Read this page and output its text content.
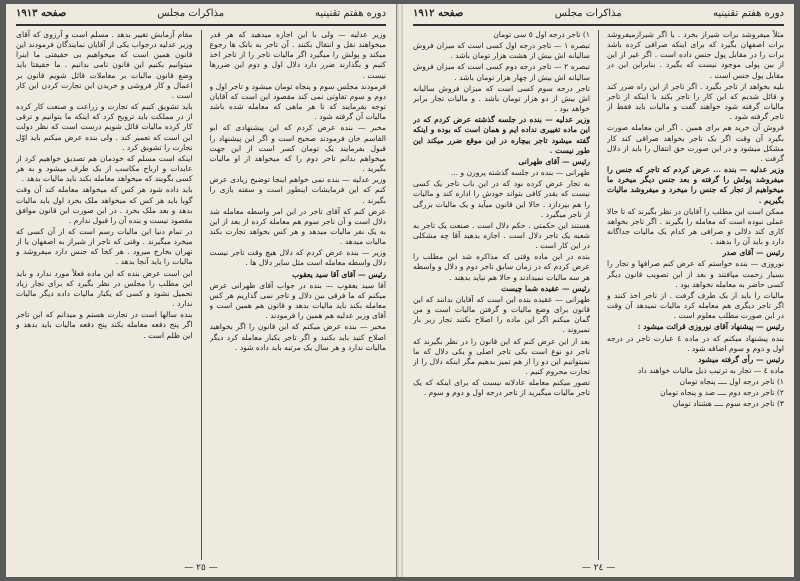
دوره هفتم تقنينيه
مذاكرات مجلس
صفحه ١٩١٣

وزیر عدلیه — ولی با این اجازه میدهید که هر قدر میخواهند نقل و انتقال بکنند . آن تاجر به بانک ها رجوع میکند و پولش را میگیرد اگر مالیات تاجر را از تاجر اخذ کنیم و بگذارند ضرر دارد دلال اول و دوم این ضررها نیست .

فرمودند مجلس سوم و پنجاه تومان میشود و تاجر اول و دوم و سوم تفاوتی نمی کند مقصود این است که آقایان توجه بفرمایند که تا هر ماهی که معامله شده باشد مالیات آن گرفته شود .

مخبر — بنده عرض کردم که این پیشنهادی که ابو القاسم خان فرمودند صحیح است و اگر این پیشنهاد را قبول بفرمایند یک تومان کسر است از این جهت میخواهم بدانم تاجر دوم را که میخواهد از او مالیات بگیرید .

وزیر عدلیه — بنده نمی خواهم اینجا توضیح زیادی عرض کنم که این فرمایشات اینطور است و سفته بازی را بگیرند .

عرض کنم که آقای تاجر در این امر واسطه معامله شد دلال است و آن تاجر سوم هم معامله کرده از بعد از این به یک نفر مالیات میدهد و هر کس بخواهد تجارت بکند مالیات میدهد .

وزیر — بنده عرض کردم که دلال هیچ وقت تاجر نیست دلال واسطه معامله است مثل سایر دلال ها .

رئیس — آقای آقا سید یعقوب

آقا سید یعقوب — بنده در جواب آقای طهرانی عرض میکنم که ما فرقی بین دلال و تاجر نمی گذاریم هر کس معامله بکند باید مالیات بدهد و قانون هم همین است و آقای وزیر عدلیه هم همین را فرمودند .

مخبر — بنده عرض میکنم که این قانون را اگر بخواهید اصلاح کنید باید بکنید و اگر تاجر یکبار معامله کرد دیگر مالیات ندارد و هر سال یک مرتبه باید داده شود .

مقام آزمایش تغییر بدهد . مسلم است و آرزوی که آقای وزیر عدلیه درجواب یکی از آقایان نمایندگان فرمودند این قانون همین است که میخواهیم بی حقیقتی ما اینرا میتوانیم بکنیم این قانون تامی بدانیم . ما حقیقتا باید وضع قانون مالیات بر معاملات قائل شویم قانون بر اعمال و کار فروشی و خریدن این تجارت کردن این کار است .

باید تشویق کنیم که تجارت و زراعت و صنعت کار کرده از در مملکت باید ترویج کرد که اینکه ما بتوانیم و ترقی کار کرده مالیات قائل شویم درست است که نظر دولت این است که تعمیر کند . ولی بنده عرض میکنم باید اوّل تجارت را تشویق کرد .

اینکه است مسلم که خودمان هم تصدیق خواهیم کرد از عایدات و ارباح مکاسب از بک طرف میشود و به هر کسی بگویند که میخواهد معامله بکند باید مالیات بدهد .

باید داده شود هر کس که میخواهد معامله کند آن وقت گویا باید هر کس که میخواهد ملک بخرد اول باید مالیات بدهد و بعد ملک بخرد . در این صورت این قانون موافق مقصود نیست و بنده آن را قبول ندارم .

در تمام دنیا این مالیات رسم است که از آن کسی که میخرد میگیرند . وقتی که تاجر از شیراز به اصفهان یا از تهران بخارج میرود . هر کجا که جنس دارد میفروشد و مالیات را باید آنجا بدهد .

این است عرض بنده که این ماده فعلاً مورد ندارد و باید این مطلب را مجلس در نظر بگیرد که برای تجار زیاد تحمیل نشود و کسی که یکبار مالیات داده دیگر مالیات ندارد .

بنده سالها است در تجارت هستم و میدانم که این تاجر اگر پنج دفعه معامله بکند پنج دفعه مالیات باید بدهد و این ظلم است .

— ٢٥ —
دوره هفتم تقنينيه
مذاكرات مجلس
صفحه ١٩١٢

مثلاً میفروشد برات شیراز بخرد . یا اگر شیرازمیفروشد برات اصفهان بگیرد که برای اینکه صرافی کرده باشد برات را در مقابل پول جنس داده است . اگر غیر از این از بین پولی موجود نیست که بگیرد . بنابراین این در مقابل پول جنس است .

بلیه بخواهد از تاجر بگیرد . اگر تاجر از این راه ضرر کند و قائل شدیم که این کار را تاجر بکند با اینکه از تاجر مالیات گرفته شود خواهند گفت و مالیات باید فقط از تاجر گرفته شود .

فروش آن خرید هم برای همین . اگر این معامله صورت بگیرد آن وقت اگر یک تاجر بخواهد صرافی کند کار مشکل میشود و در این صورت حق انتقال را باید از دلال گرفت .

وزیر عدلیه — بنده ... عرض کردم که تاجر که جنس را میفروشد پولش را گرفته و بعد جنس دیگر میخرد ما میخواهیم از تجار که جنس را میخرد و میفروشد مالیات بگیریم .

ممکن است این مطلب را آقایان در نظر بگیرند که تا حالا عملی نبوده است که معامله را بگیرند . اگر تاجر بخواهد کاری کند دلالی و صرافی هر کدام یک مالیات جداگانه دارد و باید آن را بدهند .

رئیس — آقای صدر

نوروزی — بنده خواستم که عرض کنم صرافها و تجار را بسیار زحمت میافتند و بعد از این تصویب قانون دیگر کسی حاضر به معامله نخواهد بود .

مالیات را باید از یک طرف گرفت . از تاجر اخذ کنند و اگر تاجر دیگری هم معامله کرد مالیات نمیدهد آن وقت در این صورت مطلب معلوم است .

رئیس — پیشنهاد آقای نوروزی قرائت میشود :

بنده پیشنهاد میکنم که در ماده ٤ عبارت تاجر در درجه اول و دوم و سوم اضافه شود .

رئیس — رأی گرفته میشود

ماده ٤ — تجار به ترتیب ذیل مالیات خواهند داد

١) تاجر درجه اول ــــ پنجاه تومان

٢) تاجر درجه دوم ــــ صد و پنجاه تومان

٣) تاجر درجه سوم ــــ هشتاد تومان

١) تاجر درجه اول ٥ سی تومان

تبصره ١ — تاجر درجه اول کسی است که میزان فروش سالیانه اش بیش از هشت هزار تومان باشد .

تبصره ٢ — تاجر درجه دوم کسی است که میزان فروش سالیانه اش بیش از چهار هزار تومان باشد .

تاجر درجه سوم کسی است که میزان فروش سالیانه اش بیش از دو هزار تومان باشد . و مالیات تجار برابر خواهد بود .

وزیر عدلیه — بنده در جلسه گذشته عرض کردم که در این ماده تغییری نداده ایم و همان است که بوده و اینکه گفته میشود تاجر بیچاره در این موقع ضرر میکند این طور نیست .

رئیس — آقای طهرانی

طهرانی — بنده در جلسه گذشته پرورن و ...

به تجار عرض کرده بود که در این باب تاجر یک کسی نیست که بقدر کافی بتواند خودش را اداره کند و مالیات را هم بپردازد . حالا این قانون میآید و یک مالیات بزرگی از تاجر میگیرد .

هستند این حکمتی . حکم دلال است . صنعت یک تاجر به شعبه یک تاجر دلال است . اجازه بدهید آقا چه مشکلی در این کار است .

بنده در این ماده وقتی که مذاکره شد این مطلب را عرض کردم که در زمان سابق تاجر دوم و دلال و واسطه هر سه مالیات نمیدادند و حالا هم نباید بدهند .

رئیس — عقیده شما چیست

طهرانی — عقیده بنده این است که آقایان بدانند که این قانون برای وضع مالیات و گرفتن مالیات است و من گمان میکنم اگر این ماده را اصلاح نکنند تجار زیر بار نمیروند .

بعد از این عرض کنم که این قانون را در نظر بگیرند که تاجر دو نوع است یکی تاجر اصلی و یکی دلال که ما نمیتوانیم این دو را از هم تمیز بدهیم مگر اینکه دلال را از تجارت محروم کنیم .

تصور میکنم معامله عادلانه نیست که برای اینکه که یک تاجر مالیات میگیرید از تاجر درجه اول و دوم و سوم .

— ٢٤ —
